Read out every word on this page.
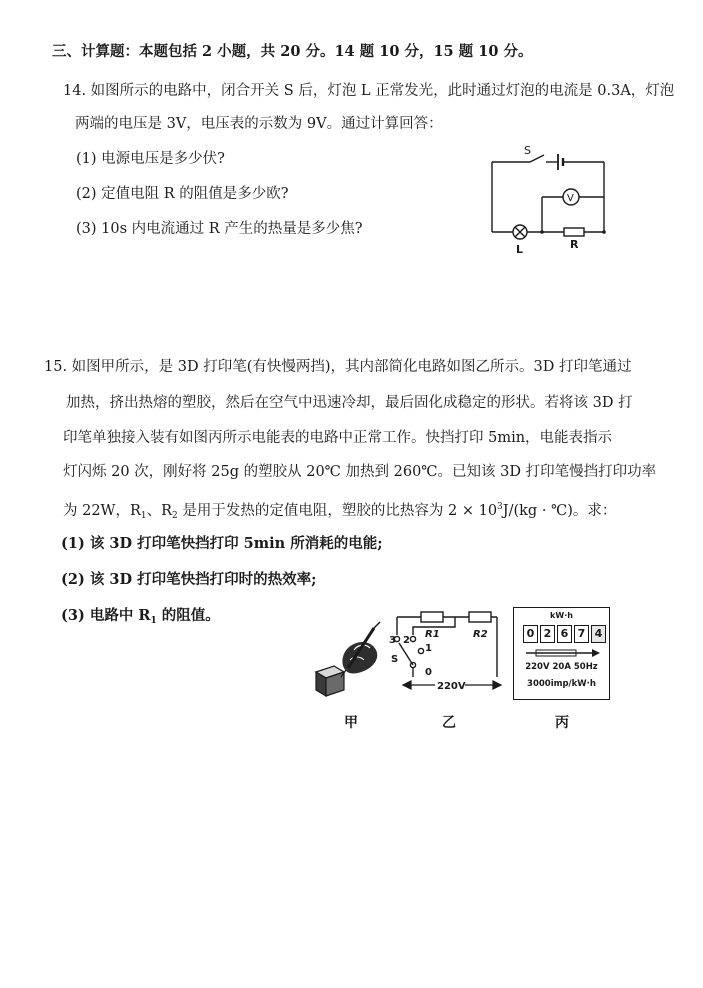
三、计算题：本题包括 2 小题，共 20 分。14 题 10 分，15 题 10 分。
14. 如图所示的电路中，闭合开关 S 后，灯泡 L 正常发光，此时通过灯泡的电流是 0.3A，灯泡
两端的电压是 3V，电压表的示数为 9V。通过计算回答：
(1) 电源电压是多少伏?
(2) 定值电阻 R 的阻值是多少欧?
(3) 10s 内电流通过 R 产生的热量是多少焦?
S
V
L	R
15. 如图甲所示，是 3D 打印笔(有快慢两挡)，其内部简化电路如图乙所示。3D 打印笔通过
加热，挤出热熔的塑胶，然后在空气中迅速冷却，最后固化成稳定的形状。若将该 3D 打
印笔单独接入装有如图丙所示电能表的电路中正常工作。快挡打印 5min，电能表指示
灯闪烁 20 次，刚好将 25g 的塑胶从 20℃ 加热到 260℃。已知该 3D 打印笔慢挡打印功率
为 22W，$R_1$、$R_2$ 是用于发热的定值电阻，塑胶的比热容为 $2 \times 10^3J/(kg$ · ℃)。求：
(1) 该 3D 打印笔快挡打印 5min 所消耗的电能;
(2) 该 3D 打印笔快挡打印时的热效率;
(3) 电路中 $R_1$ 的阻值。
R1	R2
3 2
1
0
S
220V
kW·h
0 2 6 7 4
220V 20A 50Hz
3000imp/kW·h
甲	乙	丙
